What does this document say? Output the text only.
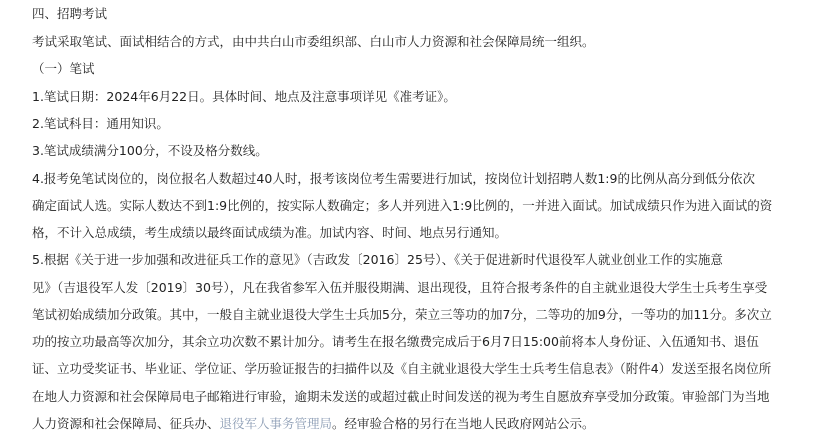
四、招聘考试
考试采取笔试、面试相结合的方式，由中共白山市委组织部、白山市人力资源和社会保障局统一组织。
（一）笔试
1.笔试日期：2024年6月22日。具体时间、地点及注意事项详见《准考证》。
2.笔试科目：通用知识。
3.笔试成绩满分100分，不设及格分数线。
4.报考免笔试岗位的，岗位报名人数超过40人时，报考该岗位考生需要进行加试，按岗位计划招聘人数1:9的比例从高分到低分依次
确定面试人选。实际人数达不到1:9比例的，按实际人数确定；多人并列进入1:9比例的，一并进入面试。加试成绩只作为进入面试的资
格，不计入总成绩，考生成绩以最终面试成绩为准。加试内容、时间、地点另行通知。
5.根据《关于进一步加强和改进征兵工作的意见》（吉政发〔2016〕25号）、《关于促进新时代退役军人就业创业工作的实施意
见》（吉退役军人发〔2019〕30号），凡在我省参军入伍并服役期满、退出现役，且符合报考条件的自主就业退役大学生士兵考生享受
笔试初始成绩加分政策。其中，一般自主就业退役大学生士兵加5分，荣立三等功的加7分，二等功的加9分，一等功的加11分。多次立
功的按立功最高等次加分，其余立功次数不累计加分。请考生在报名缴费完成后于6月7日15:00前将本人身份证、入伍通知书、退伍
证、立功受奖证书、毕业证、学位证、学历验证报告的扫描件以及《自主就业退役大学生士兵考生信息表》（附件4）发送至报名岗位所
在地人力资源和社会保障局电子邮箱进行审验，逾期未发送的或超过截止时间发送的视为考生自愿放弃享受加分政策。审验部门为当地
人力资源和社会保障局、征兵办、退役军人事务管理局。经审验合格的另行在当地人民政府网站公示。
